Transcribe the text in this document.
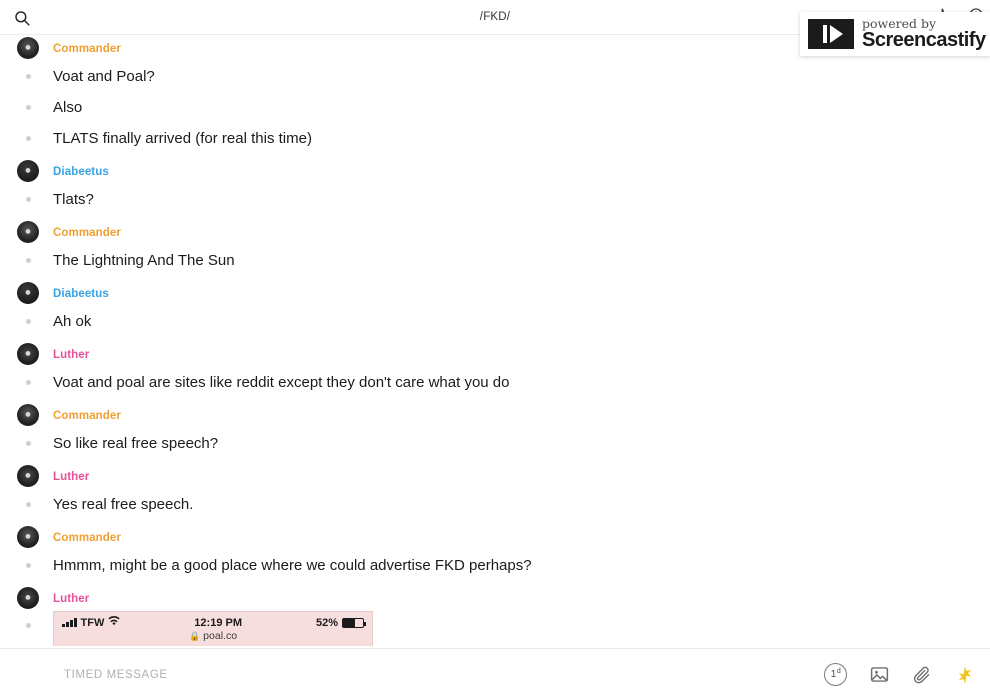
/FKD/	powered by
Screencastify
●	Commander
Voat and Poal?
Also
TLATS finally arrived (for real this time)
●	Diabeetus
Tlats?
●	Commander
The Lightning And The Sun
●	Diabeetus
Ah ok
●	Luther
Voat and poal are sites like reddit except they don't care what you do
●	Commander
So like real free speech?
●	Luther
Yes real free speech.
●	Commander
Hmmm, might be a good place where we could advertise FKD perhaps?
●	Luther
TFW	12:19 PM	52%
🔒 poal.co
TIMED MESSAGE	1$^d$
